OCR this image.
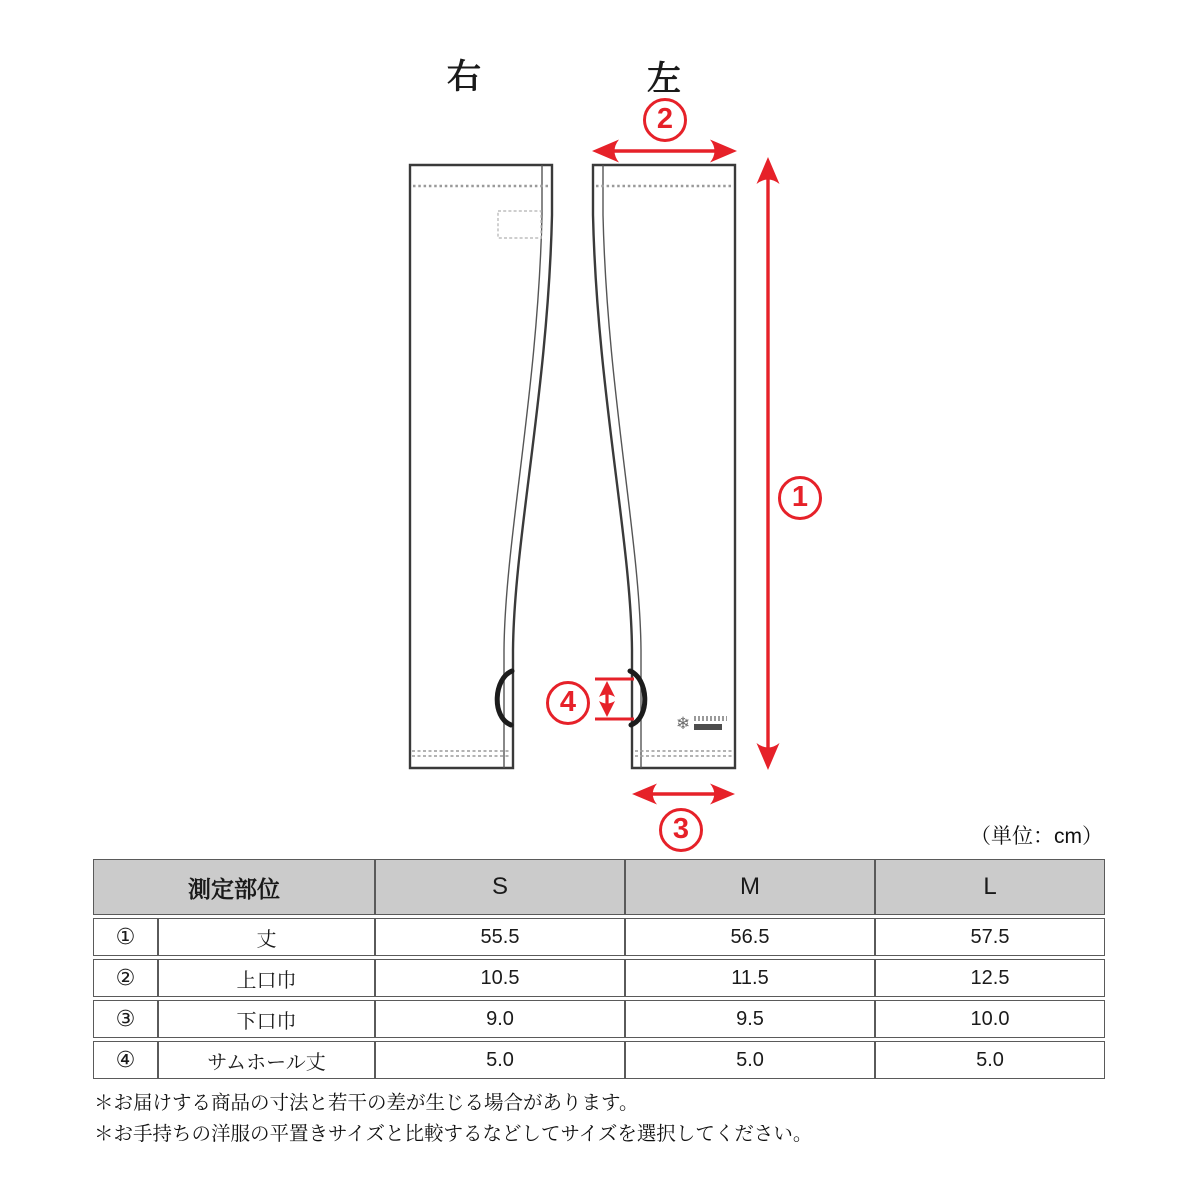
❄
右	左
2
1
4
3	（単位：cm）
測定部位		S	M	L
①	丈	55.5	56.5	57.5
②	上口巾	10.5	11.5	12.5
③	下口巾	9.0	9.5	10.0
④	サムホール丈	5.0	5.0	5.0
＊お届けする商品の寸法と若干の差が生じる場合があります。
＊お手持ちの洋服の平置きサイズと比較するなどしてサイズを選択してください。
